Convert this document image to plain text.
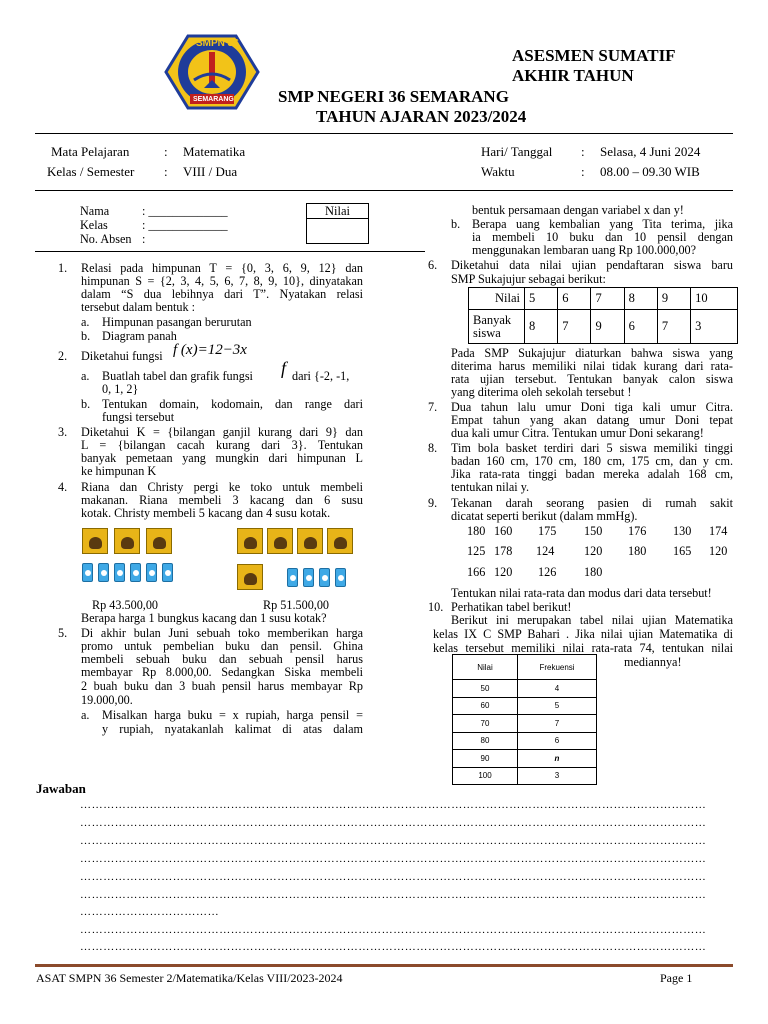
SMPN 36
SEMARANG
ASESMEN SUMATIF
AKHIR TAHUN
SMP NEGERI 36 SEMARANG
TAHUN AJARAN 2023/2024
Mata Pelajaran	: Matematika
Kelas / Semester : VIII / Dua
Hari/ Tanggal : Selasa, 4 Juni 2024
Waktu	: 08.00 – 09.30 WIB
Nama	: _____________
Kelas	: _____________
No. Absen :
Nilai
1. Relasi pada himpunan T = {0, 3, 6, 9, 12} dan
himpunan S = {2, 3, 4, 5, 6, 7, 8, 9, 10}, dinyatakan
dalam “S dua lebihnya dari T”. Nyatakan relasi
tersebut dalam bentuk :
a. Himpunan pasangan berurutan
b. Diagram panah
2. Diketahui fungsi f (x)=12−3x
a. Buatlah tabel dan grafik fungsi f dari {-2, -1,
0, 1, 2}
b. Tentukan domain, kodomain, dan range dari
fungsi tersebut
3. Diketahui K = {bilangan ganjil kurang dari 9} dan
L = {bilangan cacah kurang dari 3}. Tentukan
banyak pemetaan yang mungkin dari himpunan L
ke himpunan K
4. Riana dan Christy pergi ke toko untuk membeli
makanan. Riana membeli 3 kacang dan 6 susu
kotak. Christy membeli 5 kacang dan 4 susu kotak.
Rp 43.500,00	Rp 51.500,00
Berapa harga 1 bungkus kacang dan 1 susu kotak?
5. Di akhir bulan Juni sebuah toko memberikan harga
promo untuk pembelian buku dan pensil. Ghina
membeli sebuah buku dan sebuah pensil harus
membayar Rp 8.000,00. Sedangkan Siska membeli
2 buah buku dan 3 buah pensil harus membayar Rp
19.000,00.
a. Misalkan harga buku = x rupiah, harga pensil =
y rupiah, nyatakanlah kalimat di atas dalam
bentuk persamaan dengan variabel x dan y!
b. Berapa uang kembalian yang Tita terima, jika
ia membeli 10 buku dan 10 pensil dengan
menggunakan lembaran uang Rp 100.000,00?
6. Diketahui data nilai ujian pendaftaran siswa baru
SMP Sukajujur sebagai berikut:
Nilai	5	6	7	8	9	10

Banyak
siswa	8	7	9	6	7	3
Pada SMP Sukajujur diaturkan bahwa siswa yang
diterima harus memiliki nilai tidak kurang dari rata-
rata ujian tersebut. Tentukan banyak calon siswa
yang diterima oleh sekolah tersebut !
7. Dua tahun lalu umur Doni tiga kali umur Citra.
Empat tahun yang akan datang umur Doni tepat
dua kali umur Citra. Tentukan umur Doni sekarang!
8. Tim bola basket terdiri dari 5 siswa memiliki tinggi
badan 160 cm, 170 cm, 180 cm, 175 cm, dan y cm.
Jika rata-rata tinggi badan mereka adalah 168 cm,
tentukan nilai y.
9. Tekanan darah seorang pasien di rumah sakit
dicatat seperti berikut (dalam mmHg).
180 160 175 150 176 130 174
125 178 124 120 180 165 120
166 120 126 180
Tentukan nilai rata-rata dan modus dari data tersebut!
10. Perhatikan tabel berikut!
Berikut ini merupakan tabel nilai ujian Matematika
kelas IX C SMP Bahari . Jika nilai ujian Matematika di
kelas tersebut memiliki nilai rata-rata 74, tentukan nilai
mediannya!
Nilai	Frekuensi
50	4
60	5
70	7
80	6
90	n
100	3
Jawaban
………………………………………………………………………………………………………………………………………………
………………………………………………………………………………………………………………………………………………
………………………………………………………………………………………………………………………………………………
………………………………………………………………………………………………………………………………………………
………………………………………………………………………………………………………………………………………………
………………………………………………………………………………………………………………………………………………
………………………………
………………………………………………………………………………………………………………………………………………
………………………………………………………………………………………………………………………………………………
ASAT SMPN 36 Semester 2/Matematika/Kelas VIII/2023-2024	Page 1
